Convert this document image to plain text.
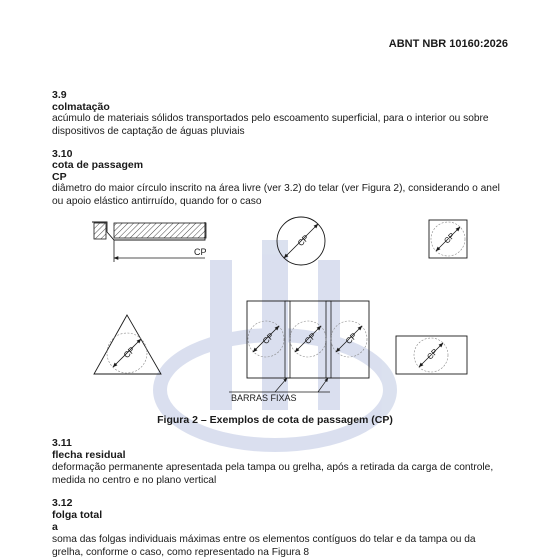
ABNT NBR 10160:2026

3.9

colmatação

acúmulo de materiais sólidos transportados pelo escoamento superficial, para o interior ou sobre dispositivos de captação de águas pluviais

3.10

cota de passagem

CP

diâmetro do maior círculo inscrito na área livre (ver 3.2) do telar (ver Figura 2), considerando o anel ou apoio elástico antirruído, quando for o caso

CP
CP	CP
CP
CP	CP	CP
BARRAS FIXAS
CP
Figura 2 – Exemplos de cota de passagem (CP)

3.11

flecha residual

deformação permanente apresentada pela tampa ou grelha, após a retirada da carga de controle, medida no centro e no plano vertical

3.12

folga total

a

soma das folgas individuais máximas entre os elementos contíguos do telar e da tampa ou da grelha, conforme o caso, como representado na Figura 8
